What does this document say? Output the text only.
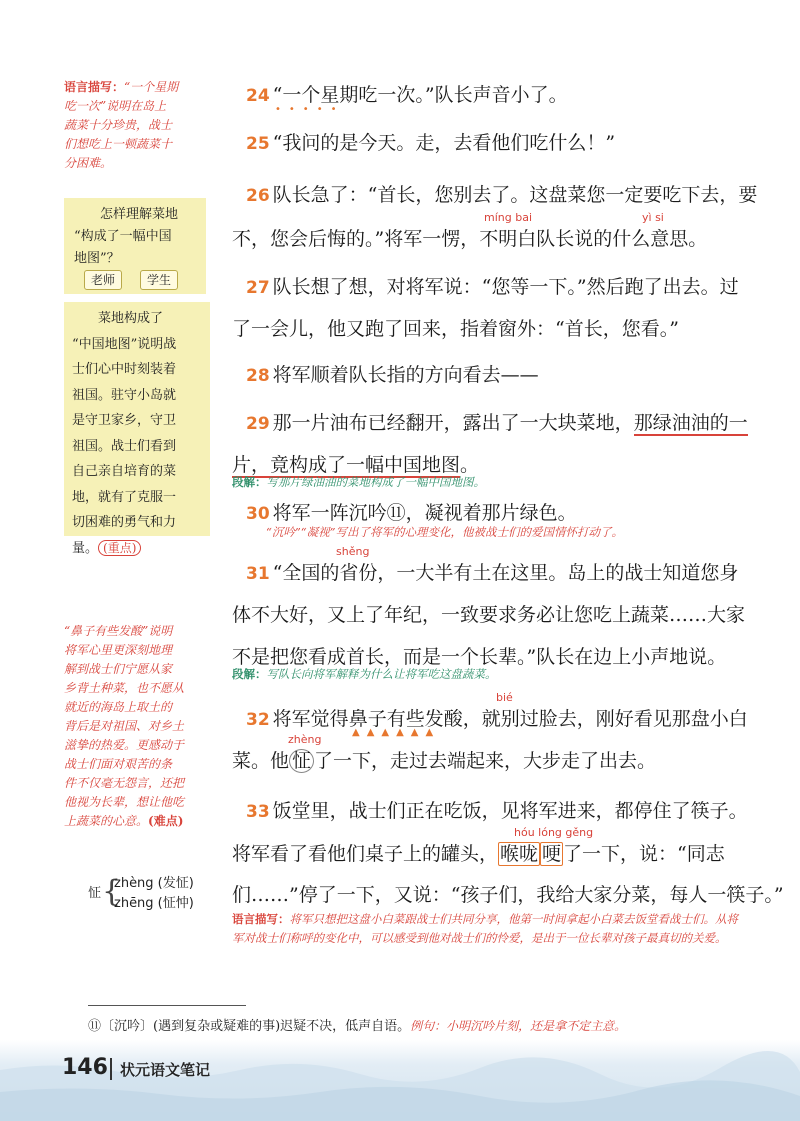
语言描写：“一个星期
吃一次”说明在岛上
蔬菜十分珍贵，战士
们想吃上一顿蔬菜十
分困难。
怎样理解菜地
“构成了一幅中国
地图”？
老师	学生
菜地构成了
“中国地图”说明战
士们心中时刻装着
祖国。驻守小岛就
是守卫家乡，守卫
祖国。战士们看到
自己亲自培育的菜
地，就有了克服一
切困难的勇气和力
量。 (重点)
“鼻子有些发酸”说明
将军心里更深刻地理
解到战士们宁愿从家
乡背土种菜，也不愿从
就近的海岛上取土的
背后是对祖国、对乡土
滋挚的热爱。更感动于
战士们面对艰苦的条
件不仅毫无怨言，还把
他视为长辈，想让他吃
上蔬菜的心意。(难点)
怔 {
zhèng (发怔)
zhēng (怔忡)
24 “一个星期吃一次。”队长声音小了。
•••••
25 “我问的是今天。走，去看他们吃什么！”
26 队长急了：“首长，您别去了。这盘菜您一定要吃下去，要
míng bai	yì si
不，您会后悔的。”将军一愣，不明白队长说的什么意思。
27 队长想了想，对将军说：“您等一下。”然后跑了出去。过
了一会儿，他又跑了回来，指着窗外：“首长，您看。”
28 将军顺着队长指的方向看去——
29 那一片油布已经翻开，露出了一大块菜地，那绿油油的一
片，竟构成了一幅中国地图。
段解：写那片绿油油的菜地构成了一幅中国地图。
30 将军一阵沉吟⑪，凝视着那片绿色。
“沉吟”“凝视”写出了将军的心理变化，他被战士们的爱国情怀打动了。
shěng
31 “全国的省份，一大半有土在这里。岛上的战士知道您身
体不大好，又上了年纪，一致要求务必让您吃上蔬菜……大家
不是把您看成首长，而是一个长辈。”队长在边上小声地说。
段解：写队长向将军解释为什么让将军吃这盘蔬菜。
bié
32 将军觉得鼻子有些发酸，就别过脸去，刚好看见那盘小白
▲▲▲▲▲▲
zhèng
菜。他 怔 了一下，走过去端起来，大步走了出去。
33 饭堂里，战士们正在吃饭，见将军进来，都停住了筷子。
hóu lóng gěng
将军看了看他们桌子上的罐头， 喉咙 哽 了一下，说：“同志
们……”停了一下，又说：“孩子们，我给大家分菜，每人一筷子。”
语言描写：将军只想把这盘小白菜跟战士们共同分享，他第一时间拿起小白菜去饭堂看战士们。从将军对战士们称呼的变化中，可以感受到他对战士们的怜爱，是出于一位长辈对孩子最真切的关爱。
⑪〔沉吟〕(遇到复杂或疑难的事)迟疑不决，低声自语。例句：小明沉吟片刻，还是拿不定主意。
146 状元语文笔记
